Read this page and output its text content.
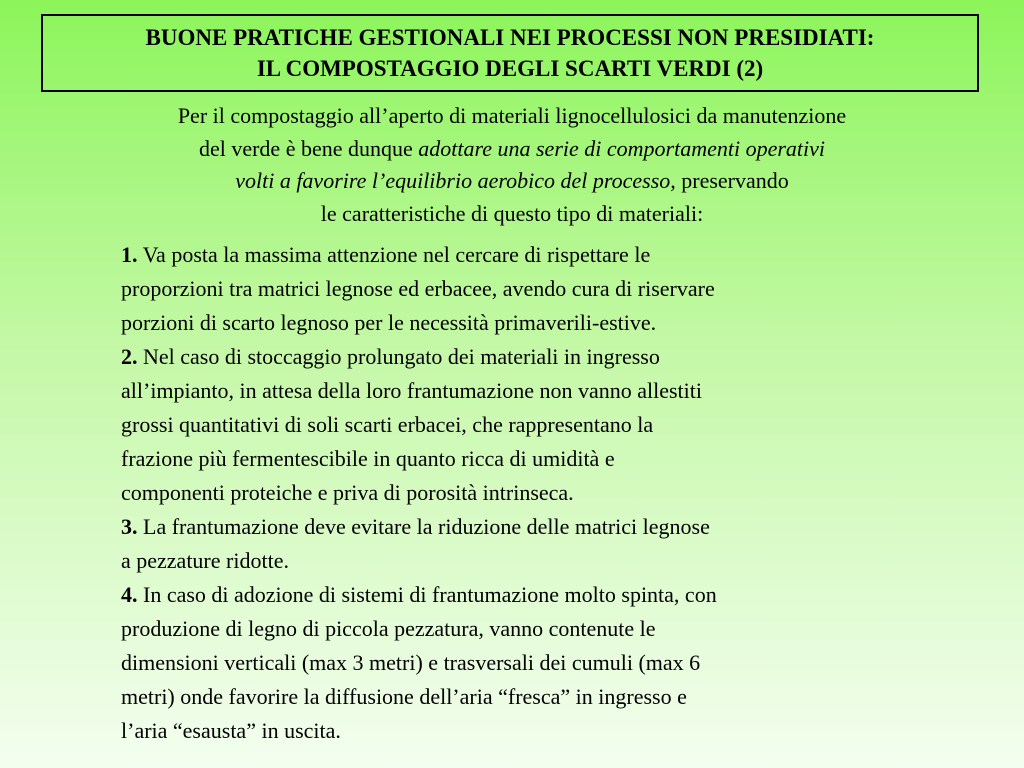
BUONE PRATICHE GESTIONALI NEI PROCESSI NON PRESIDIATI:
IL COMPOSTAGGIO DEGLI SCARTI VERDI (2)
Per il compostaggio all’aperto di materiali lignocellulosici da manutenzione
del verde è bene dunque adottare una serie di comportamenti operativi
volti a favorire l’equilibrio aerobico del processo, preservando
le caratteristiche di questo tipo di materiali:
1. Va posta la massima attenzione nel cercare di rispettare le
proporzioni tra matrici legnose ed erbacee, avendo cura di riservare
porzioni di scarto legnoso per le necessità primaverili-estive.
2. Nel caso di stoccaggio prolungato dei materiali in ingresso
all’impianto, in attesa della loro frantumazione non vanno allestiti
grossi quantitativi di soli scarti erbacei, che rappresentano la
frazione più fermentescibile in quanto ricca di umidità e
componenti proteiche e priva di porosità intrinseca.
3. La frantumazione deve evitare la riduzione delle matrici legnose
a pezzature ridotte.
4. In caso di adozione di sistemi di frantumazione molto spinta, con
produzione di legno di piccola pezzatura, vanno contenute le
dimensioni verticali (max 3 metri) e trasversali dei cumuli (max 6
metri) onde favorire la diffusione dell’aria “fresca” in ingresso e
l’aria “esausta” in uscita.
